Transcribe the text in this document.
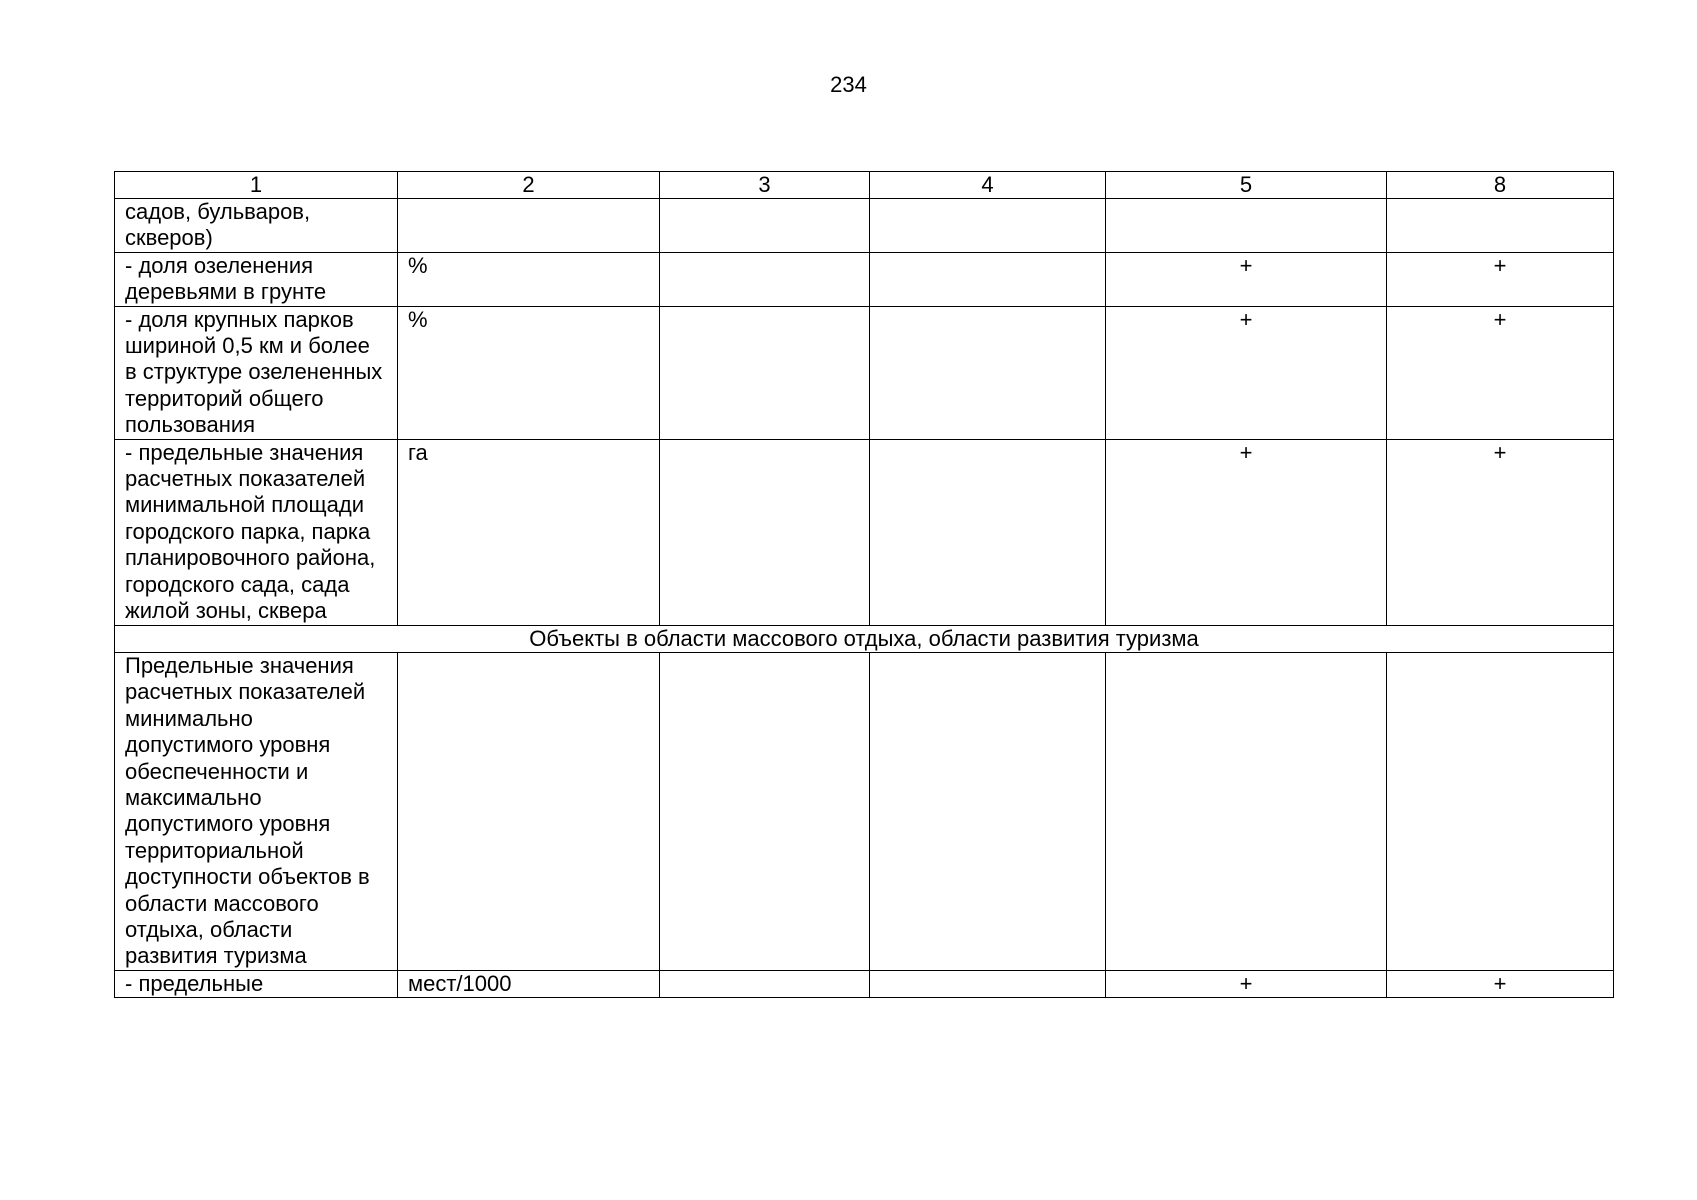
234
1	2	3	4	5	8
садов, бульваров, скверов)					
- доля озеленения деревьями в грунте	%			+	+
- доля крупных парков шириной 0,5 км и более в структуре озелененных территорий общего пользования	%			+	+
- предельные значения расчетных показателей минимальной площади городского парка, парка планировочного района, городского сада, сада жилой зоны, сквера	га			+	+
Объекты в области массового отдыха, области развития туризма					
Предельные значения расчетных показателей минимально допустимого уровня обеспеченности и максимально допустимого уровня территориальной доступности объектов в области массового отдыха, области развития туризма					
- предельные	мест/1000			+	+
